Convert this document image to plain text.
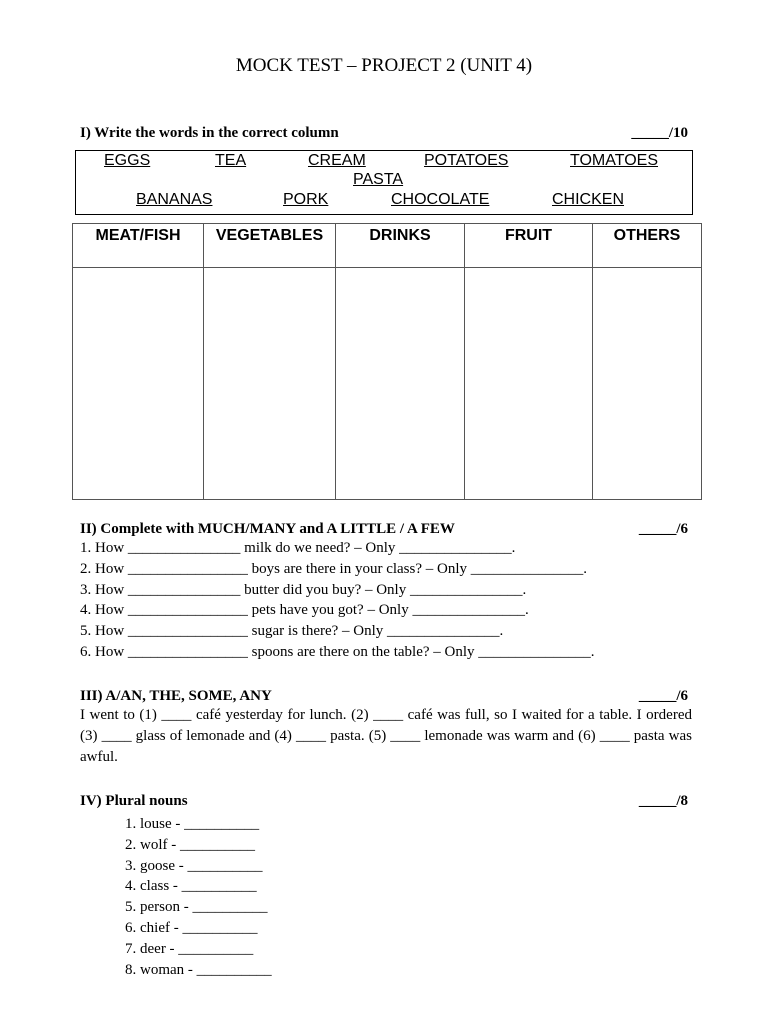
MOCK TEST – PROJECT 2 (UNIT 4)
I) Write the words in the correct column	_____/10
EGGS	TEA	CREAM	POTATOES	TOMATOES
PASTA
BANANAS	PORK	CHOCOLATE	CHICKEN
MEAT/FISH	VEGETABLES	DRINKS	FRUIT	OTHERS

II) Complete with MUCH/MANY and A LITTLE / A FEW	_____/6
1. How _______________ milk do we need? – Only _______________.
2. How ________________ boys are there in your class? – Only _______________.
3. How _______________ butter did you buy? – Only _______________.
4. How ________________ pets have you got? – Only _______________.
5. How ________________ sugar is there? – Only _______________.
6. How ________________ spoons are there on the table? – Only _______________.
III) A/AN, THE, SOME, ANY	_____/6
I went to (1) ____ café yesterday for lunch. (2) ____ café was full, so I waited for a table. I ordered (3) ____ glass of lemonade and (4) ____ pasta. (5) ____ lemonade was warm and (6) ____ pasta was awful.
IV) Plural nouns	_____/8
1. louse - __________
2. wolf - __________
3. goose - __________
4. class - __________
5. person - __________
6. chief - __________
7. deer - __________
8. woman - __________
